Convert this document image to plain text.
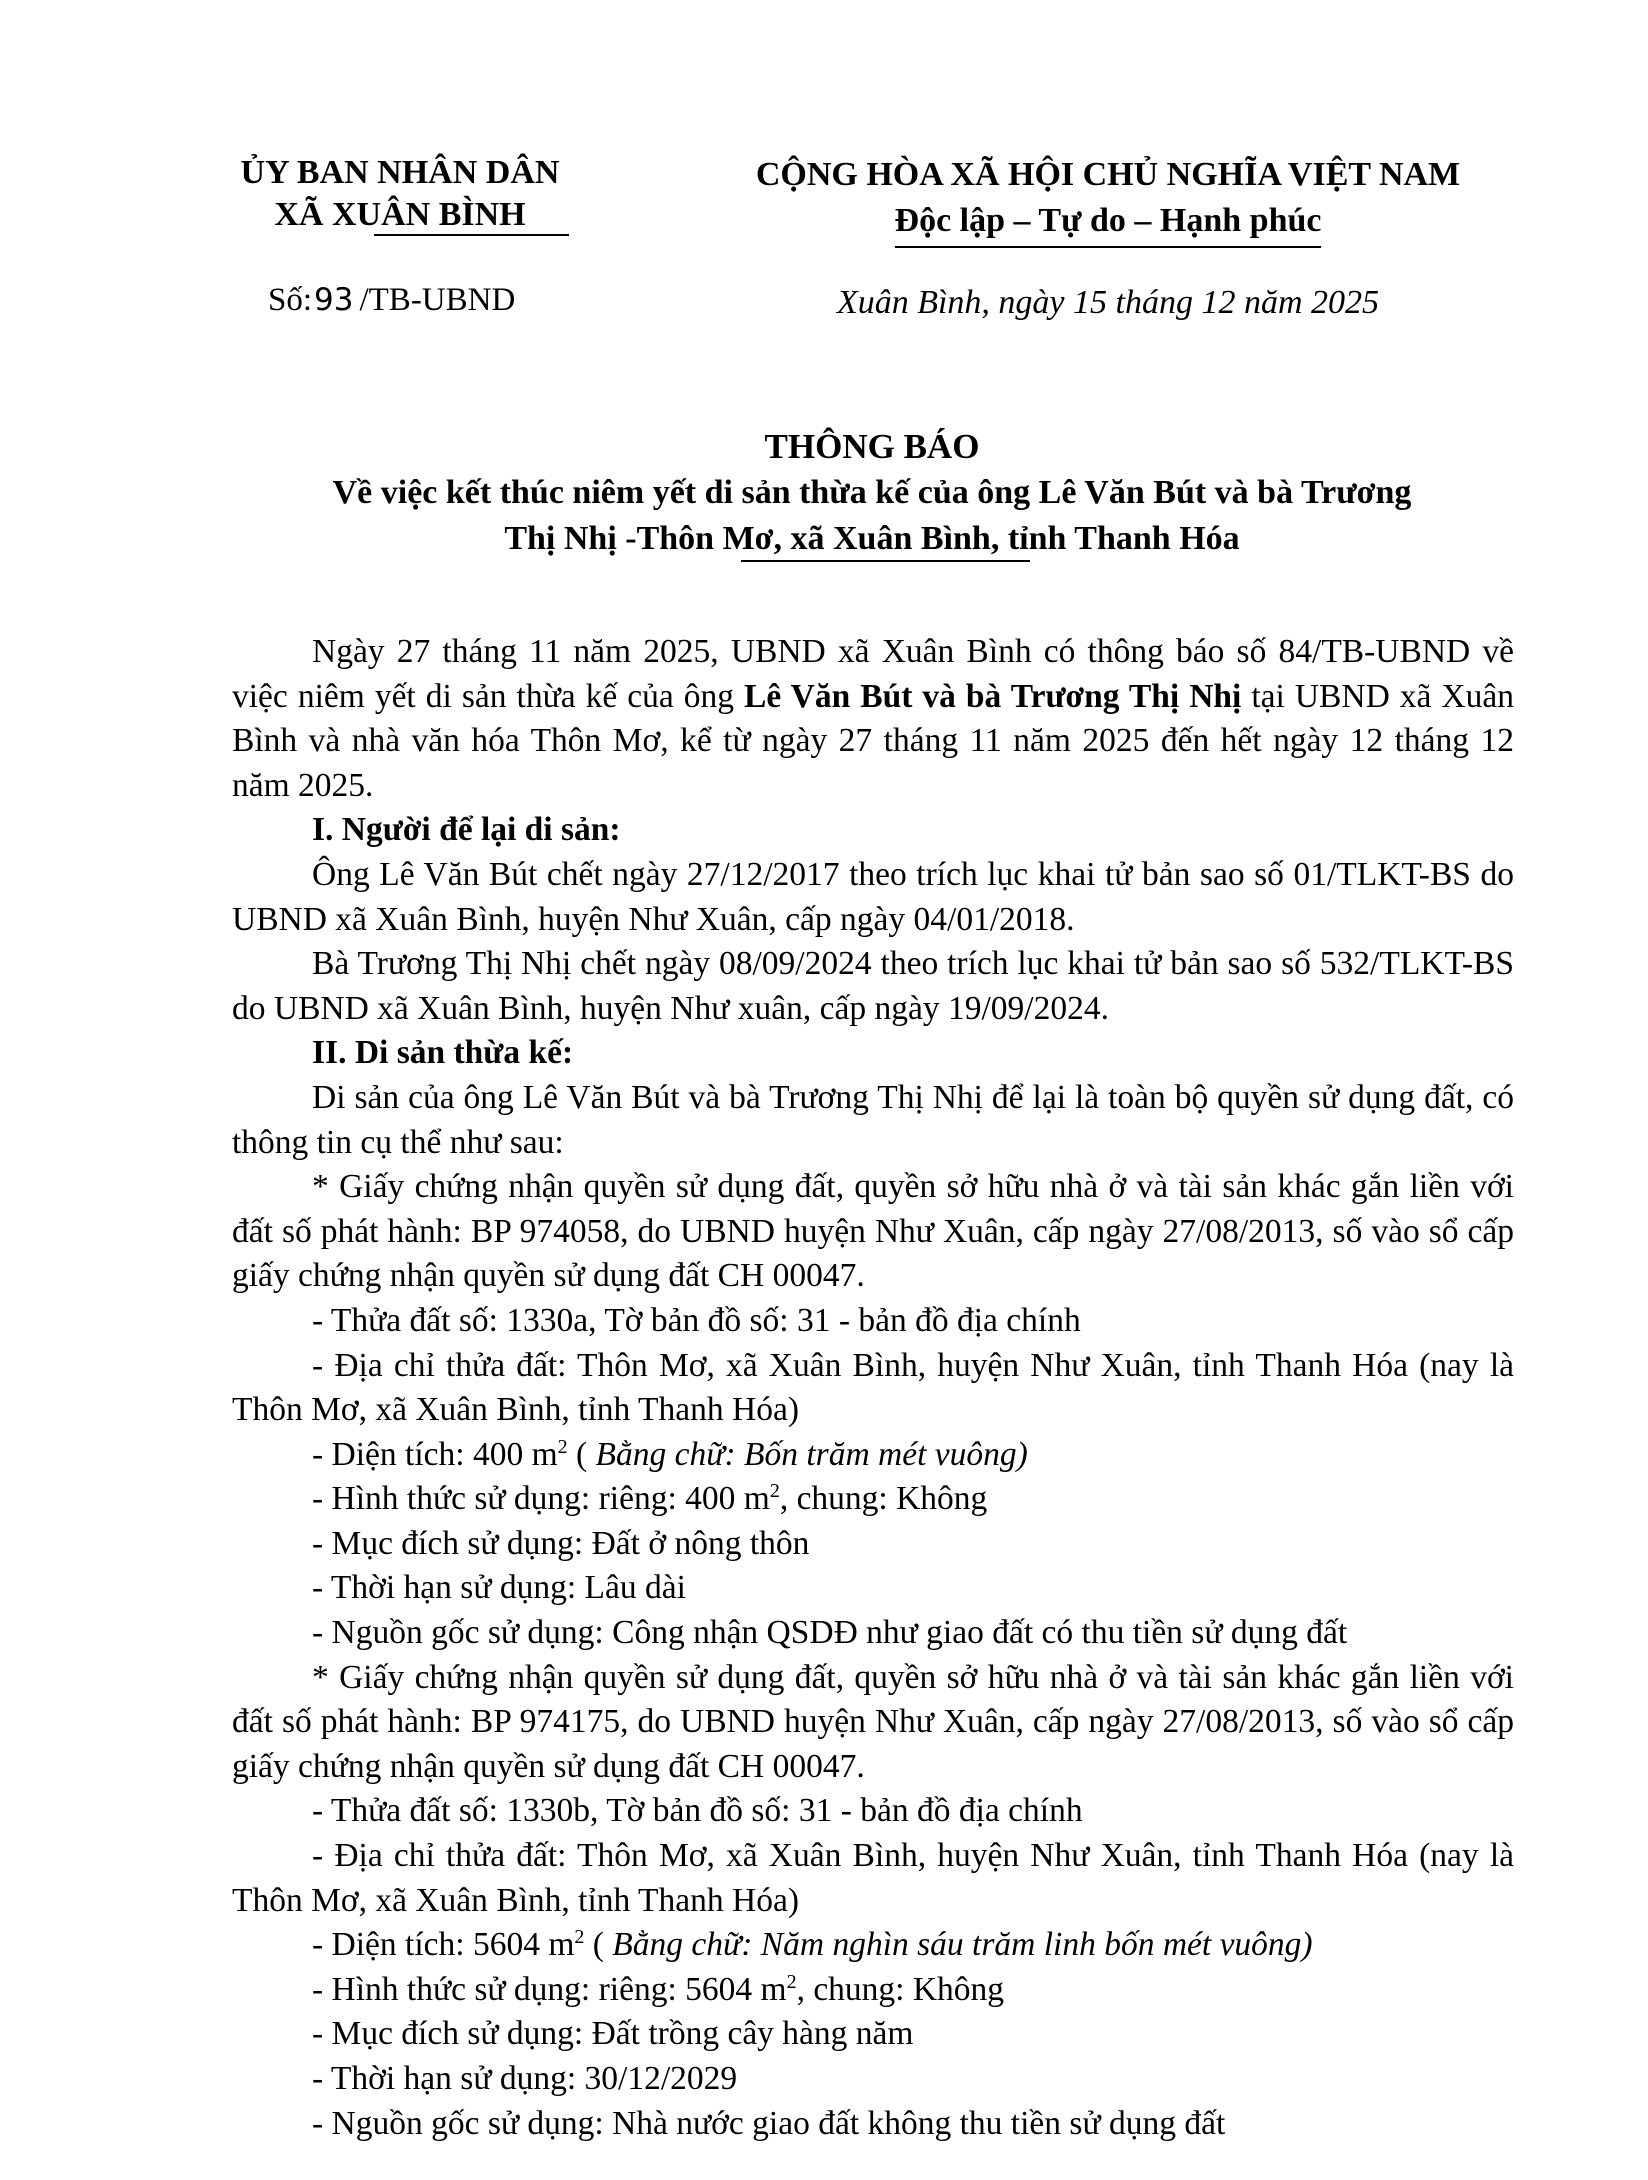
ỦY BAN NHÂN DÂN
XÃ XUÂN BÌNH
Số:93 /TB-UBND
CỘNG HÒA XÃ HỘI CHỦ NGHĨA VIỆT NAM
Độc lập – Tự do – Hạnh phúc
Xuân Bình, ngày 15 tháng 12 năm 2025
THÔNG BÁO
Về việc kết thúc niêm yết di sản thừa kế của ông Lê Văn Bút và bà Trương
Thị Nhị -Thôn Mơ, xã Xuân Bình, tỉnh
Thanh Hóa

Ngày 27 tháng 11 năm 2025, UBND xã Xuân Bình có thông báo số 84/TB-UBND về việc niêm yết di sản thừa kế của ông Lê Văn Bút và bà Trương Thị Nhị tại UBND xã Xuân Bình và nhà văn hóa Thôn Mơ, kể từ ngày 27 tháng 11 năm 2025 đến hết ngày 12 tháng 12 năm 2025.

I. Người để lại di sản:

Ông Lê Văn Bút chết ngày 27/12/2017 theo trích lục khai tử bản sao số 01/TLKT-BS do UBND xã Xuân Bình, huyện Như Xuân, cấp ngày 04/01/2018.

Bà Trương Thị Nhị chết ngày 08/09/2024 theo trích lục khai tử bản sao số 532/TLKT-BS do UBND xã Xuân Bình, huyện Như xuân, cấp ngày 19/09/2024.

II. Di sản thừa kế:

Di sản của ông Lê Văn Bút và bà Trương Thị Nhị để lại là toàn bộ quyền sử dụng đất, có thông tin cụ thể như sau:

* Giấy chứng nhận quyền sử dụng đất, quyền sở hữu nhà ở và tài sản khác gắn liền với đất số phát hành: BP 974058, do UBND huyện Như Xuân, cấp ngày 27/08/2013, số vào sổ cấp giấy chứng nhận quyền sử dụng đất CH 00047.

- Thửa đất số: 1330a, Tờ bản đồ số: 31 - bản đồ địa chính

- Địa chỉ thửa đất: Thôn Mơ, xã Xuân Bình, huyện Như Xuân, tỉnh Thanh Hóa (nay là Thôn Mơ, xã Xuân Bình, tỉnh Thanh Hóa)

- Diện tích: 400 $m^2$ ( Bằng chữ: Bốn trăm mét vuông)

- Hình thức sử dụng: riêng: 400 $m^2$, chung: Không

- Mục đích sử dụng: Đất ở nông thôn

- Thời hạn sử dụng: Lâu dài

- Nguồn gốc sử dụng: Công nhận QSDĐ như giao đất có thu tiền sử dụng đất

* Giấy chứng nhận quyền sử dụng đất, quyền sở hữu nhà ở và tài sản khác gắn liền với đất số phát hành: BP 974175, do UBND huyện Như Xuân, cấp ngày 27/08/2013, số vào sổ cấp giấy chứng nhận quyền sử dụng đất CH 00047.

- Thửa đất số: 1330b, Tờ bản đồ số: 31 - bản đồ địa chính

- Địa chỉ thửa đất: Thôn Mơ, xã Xuân Bình, huyện Như Xuân, tỉnh Thanh Hóa (nay là Thôn Mơ, xã Xuân Bình, tỉnh Thanh Hóa)

- Diện tích: 5604 $m^2$ ( Bằng chữ: Năm nghìn sáu trăm linh bốn mét vuông)

- Hình thức sử dụng: riêng: 5604 $m^2$, chung: Không

- Mục đích sử dụng: Đất trồng cây hàng năm

- Thời hạn sử dụng: 30/12/2029

- Nguồn gốc sử dụng: Nhà nước giao đất không thu tiền sử dụng đất
